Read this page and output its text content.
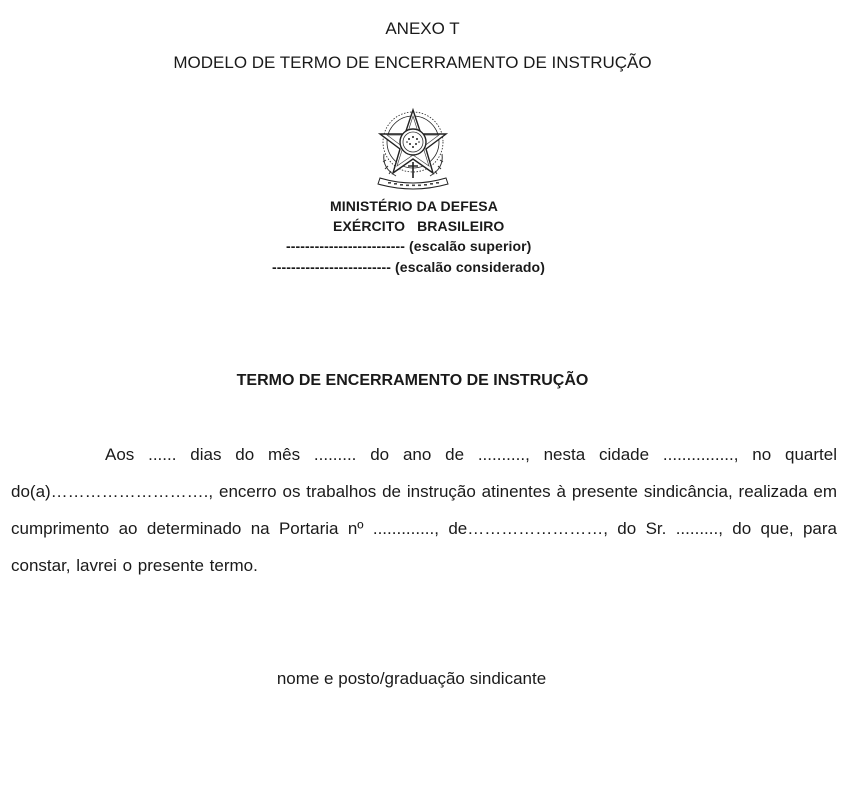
ANEXO T
MODELO DE TERMO DE ENCERRAMENTO DE INSTRUÇÃO
MINISTÉRIO DA DEFESA
EXÉRCITO   BRASILEIRO
------------------------- (escalão superior)
------------------------- (escalão considerado)
TERMO DE ENCERRAMENTO DE INSTRUÇÃO
Aos ...... dias do mês ......... do ano de .........., nesta cidade ..............., no quartel do(a)………………………., encerro os trabalhos de instrução atinentes à presente sindicância, realizada em cumprimento ao determinado na Portaria nº ............., de……………………, do Sr. ........., do que, para constar, lavrei o presente termo.
nome e posto/graduação sindicante
